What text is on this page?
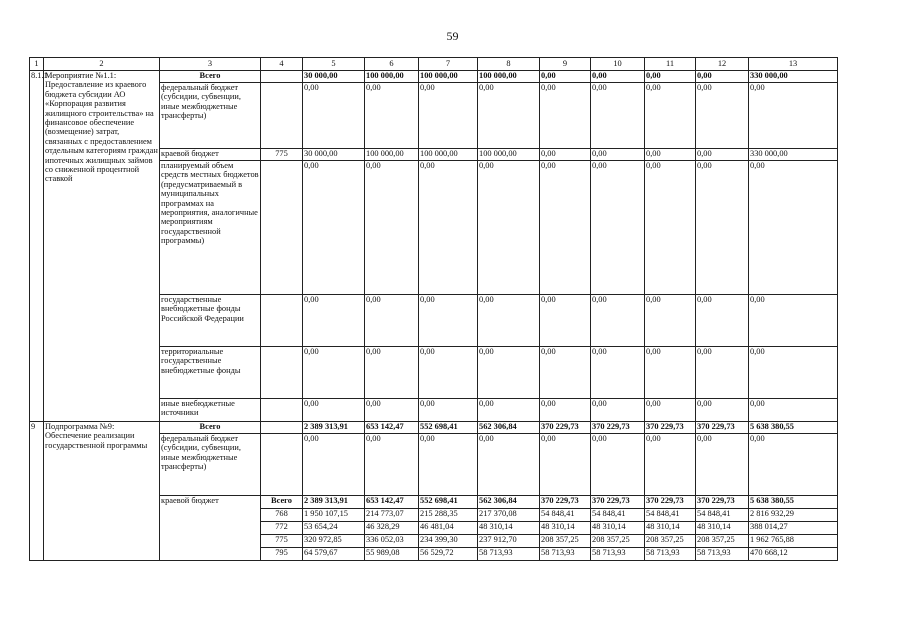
59
1	2	3	4	5	6	7	8	9	10	11	12	13
8.1.1	Мероприятие №1.1: Предоставление из краевого бюджета субсидии АО «Корпорация развития жилищного строительства» на финансовое обеспечение (возмещение) затрат, связанных с предоставлением отдельным категориям граждан ипотечных жилищных займов со сниженной процентной ставкой	Всего		30 000,00	100 000,00	100 000,00	100 000,00	0,00	0,00	0,00	0,00	330 000,00
		федеральный бюджет (субсидии, субвенции, иные межбюджетные трансферты)		0,00	0,00	0,00	0,00	0,00	0,00	0,00	0,00	0,00
		краевой бюджет	775	30 000,00	100 000,00	100 000,00	100 000,00	0,00	0,00	0,00	0,00	330 000,00
		планируемый объем средств местных бюджетов (предусматриваемый в муниципальных программах на мероприятия, аналогичные мероприятиям государственной программы)		0,00	0,00	0,00	0,00	0,00	0,00	0,00	0,00	0,00
		государственные внебюджетные фонды Российской Федерации		0,00	0,00	0,00	0,00	0,00	0,00	0,00	0,00	0,00
		территориальные государственные внебюджетные фонды		0,00	0,00	0,00	0,00	0,00	0,00	0,00	0,00	0,00
		иные внебюджетные источники		0,00	0,00	0,00	0,00	0,00	0,00	0,00	0,00	0,00
9	Подпрограмма №9: Обеспечение реализации государственной программы	Всего		2 389 313,91	653 142,47	552 698,41	562 306,84	370 229,73	370 229,73	370 229,73	370 229,73	5 638 380,55
		федеральный бюджет (субсидии, субвенции, иные межбюджетные трансферты)		0,00	0,00	0,00	0,00	0,00	0,00	0,00	0,00	0,00
		краевой бюджет	Всего	2 389 313,91	653 142,47	552 698,41	562 306,84	370 229,73	370 229,73	370 229,73	370 229,73	5 638 380,55
			768	1 950 107,15	214 773,07	215 288,35	217 370,08	54 848,41	54 848,41	54 848,41	54 848,41	2 816 932,29
			772	53 654,24	46 328,29	46 481,04	48 310,14	48 310,14	48 310,14	48 310,14	48 310,14	388 014,27
			775	320 972,85	336 052,03	234 399,30	237 912,70	208 357,25	208 357,25	208 357,25	208 357,25	1 962 765,88
			795	64 579,67	55 989,08	56 529,72	58 713,93	58 713,93	58 713,93	58 713,93	58 713,93	470 668,12
